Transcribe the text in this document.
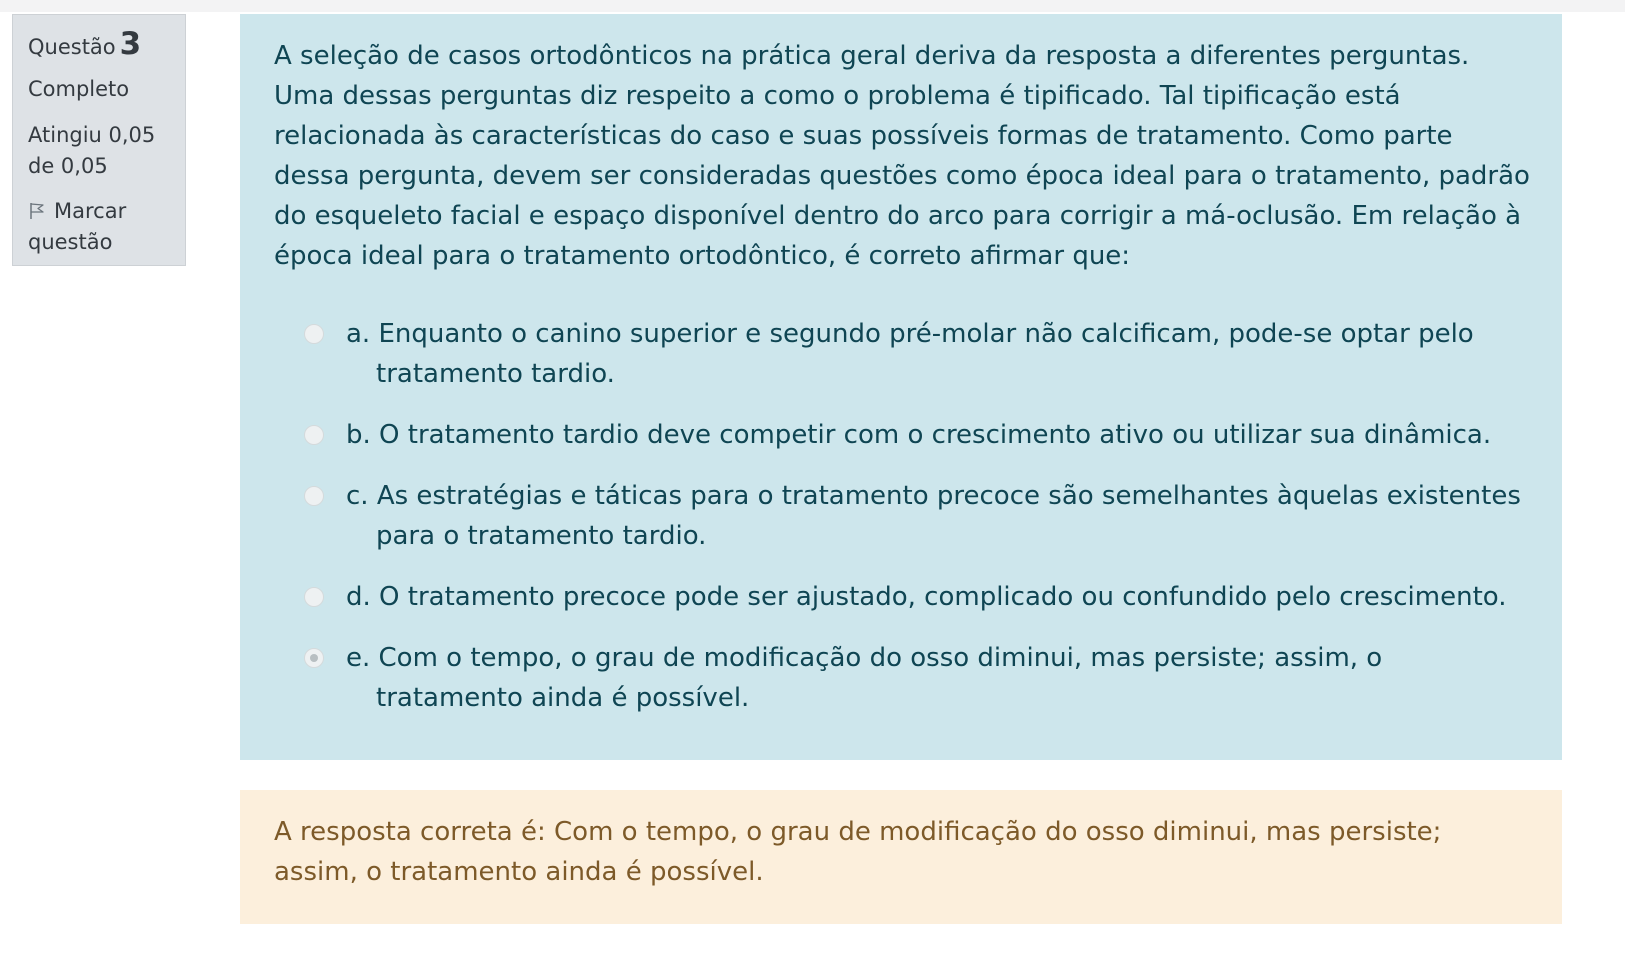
Questão 3
Completo
Atingiu 0,05 de 0,05
Marcar questão
A seleção de casos ortodônticos na prática geral deriva da resposta a diferentes perguntas. Uma dessas perguntas diz respeito a como o problema é tipificado. Tal tipificação está relacionada às características do caso e suas possíveis formas de tratamento. Como parte dessa pergunta, devem ser consideradas questões como época ideal para o tratamento, padrão do esqueleto facial e espaço disponível dentro do arco para corrigir a má-oclusão. Em relação à época ideal para o tratamento ortodôntico, é correto afirmar que:
a. Enquanto o canino superior e segundo pré-molar não calcificam, pode-se optar pelo tratamento tardio.
b. O tratamento tardio deve competir com o crescimento ativo ou utilizar sua dinâmica.
c. As estratégias e táticas para o tratamento precoce são semelhantes àquelas existentes para o tratamento tardio.
d. O tratamento precoce pode ser ajustado, complicado ou confundido pelo crescimento.
e. Com o tempo, o grau de modificação do osso diminui, mas persiste; assim, o tratamento ainda é possível.
A resposta correta é: Com o tempo, o grau de modificação do osso diminui, mas persiste; assim, o tratamento ainda é possível.
